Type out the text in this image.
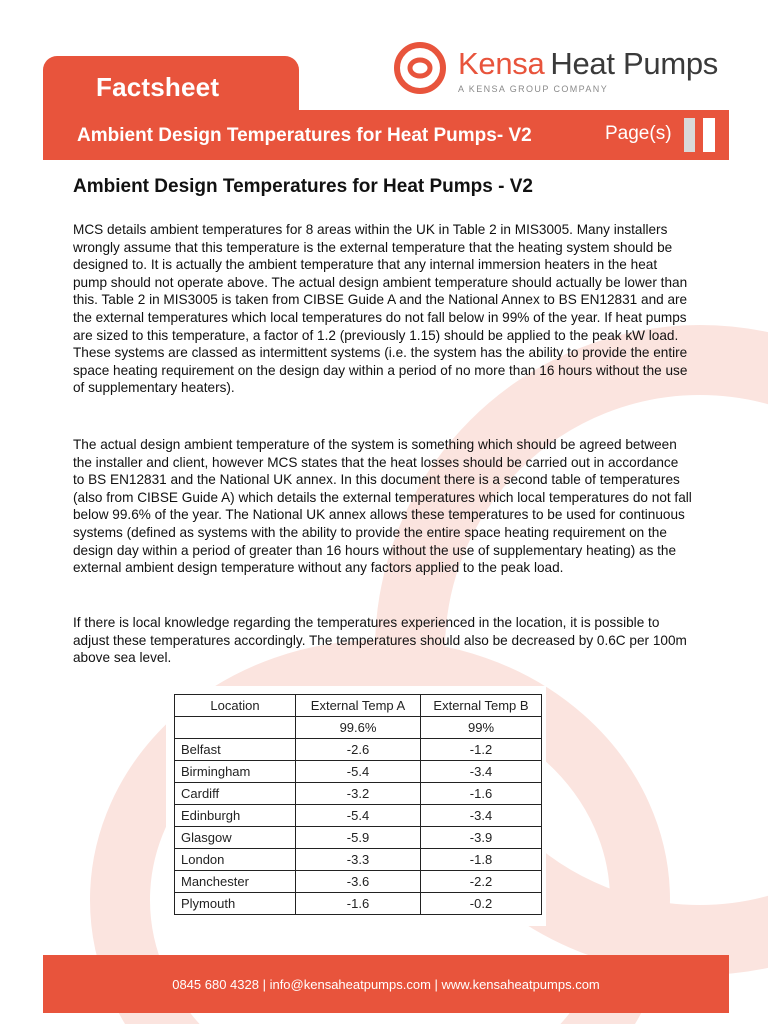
Kensa Heat Pumps
A KENSA GROUP COMPANY
Factsheet
Ambient Design Temperatures for Heat Pumps- V2	Page(s)
Ambient Design Temperatures for Heat Pumps - V2

MCS details ambient temperatures for 8 areas within the UK in Table 2 in MIS3005. Many installers wrongly assume that this temperature is the external temperature that the heating system should be designed to. It is actually the ambient temperature that any internal immersion heaters in the heat pump should not operate above. The actual design ambient temperature should actually be lower than this. Table 2 in MIS3005 is taken from CIBSE Guide A and the National Annex to BS EN12831 and are the external temperatures which local temperatures do not fall below in 99% of the year. If heat pumps are sized to this temperature, a factor of 1.2 (previously 1.15) should be applied to the peak kW load. These systems are classed as intermittent systems (i.e. the system has the ability to provide the entire space heating requirement on the design day within a period of no more than 16 hours without the use of supplementary heaters).

The actual design ambient temperature of the system is something which should be agreed between the installer and client, however MCS states that the heat losses should be carried out in accordance to BS EN12831 and the National UK annex. In this document there is a second table of temperatures (also from CIBSE Guide A) which details the external temperatures which local temperatures do not fall below 99.6% of the year. The National UK annex allows these temperatures to be used for continuous systems (defined as systems with the ability to provide the entire space heating requirement on the design day within a period of greater than 16 hours without the use of supplementary heating) as the external ambient design temperature without any factors applied to the peak load.

If there is local knowledge regarding the temperatures experienced in the location, it is possible to adjust these temperatures accordingly. The temperatures should also be decreased by 0.6C per 100m above sea level.

Location	External Temp A	External Temp B
	99.6%	99%
Belfast	-2.6	-1.2
Birmingham	-5.4	-3.4
Cardiff	-3.2	-1.6
Edinburgh	-5.4	-3.4
Glasgow	-5.9	-3.9
London	-3.3	-1.8
Manchester	-3.6	-2.2
Plymouth	-1.6	-0.2
0845 680 4328 | info@kensaheatpumps.com | www.kensaheatpumps.com
